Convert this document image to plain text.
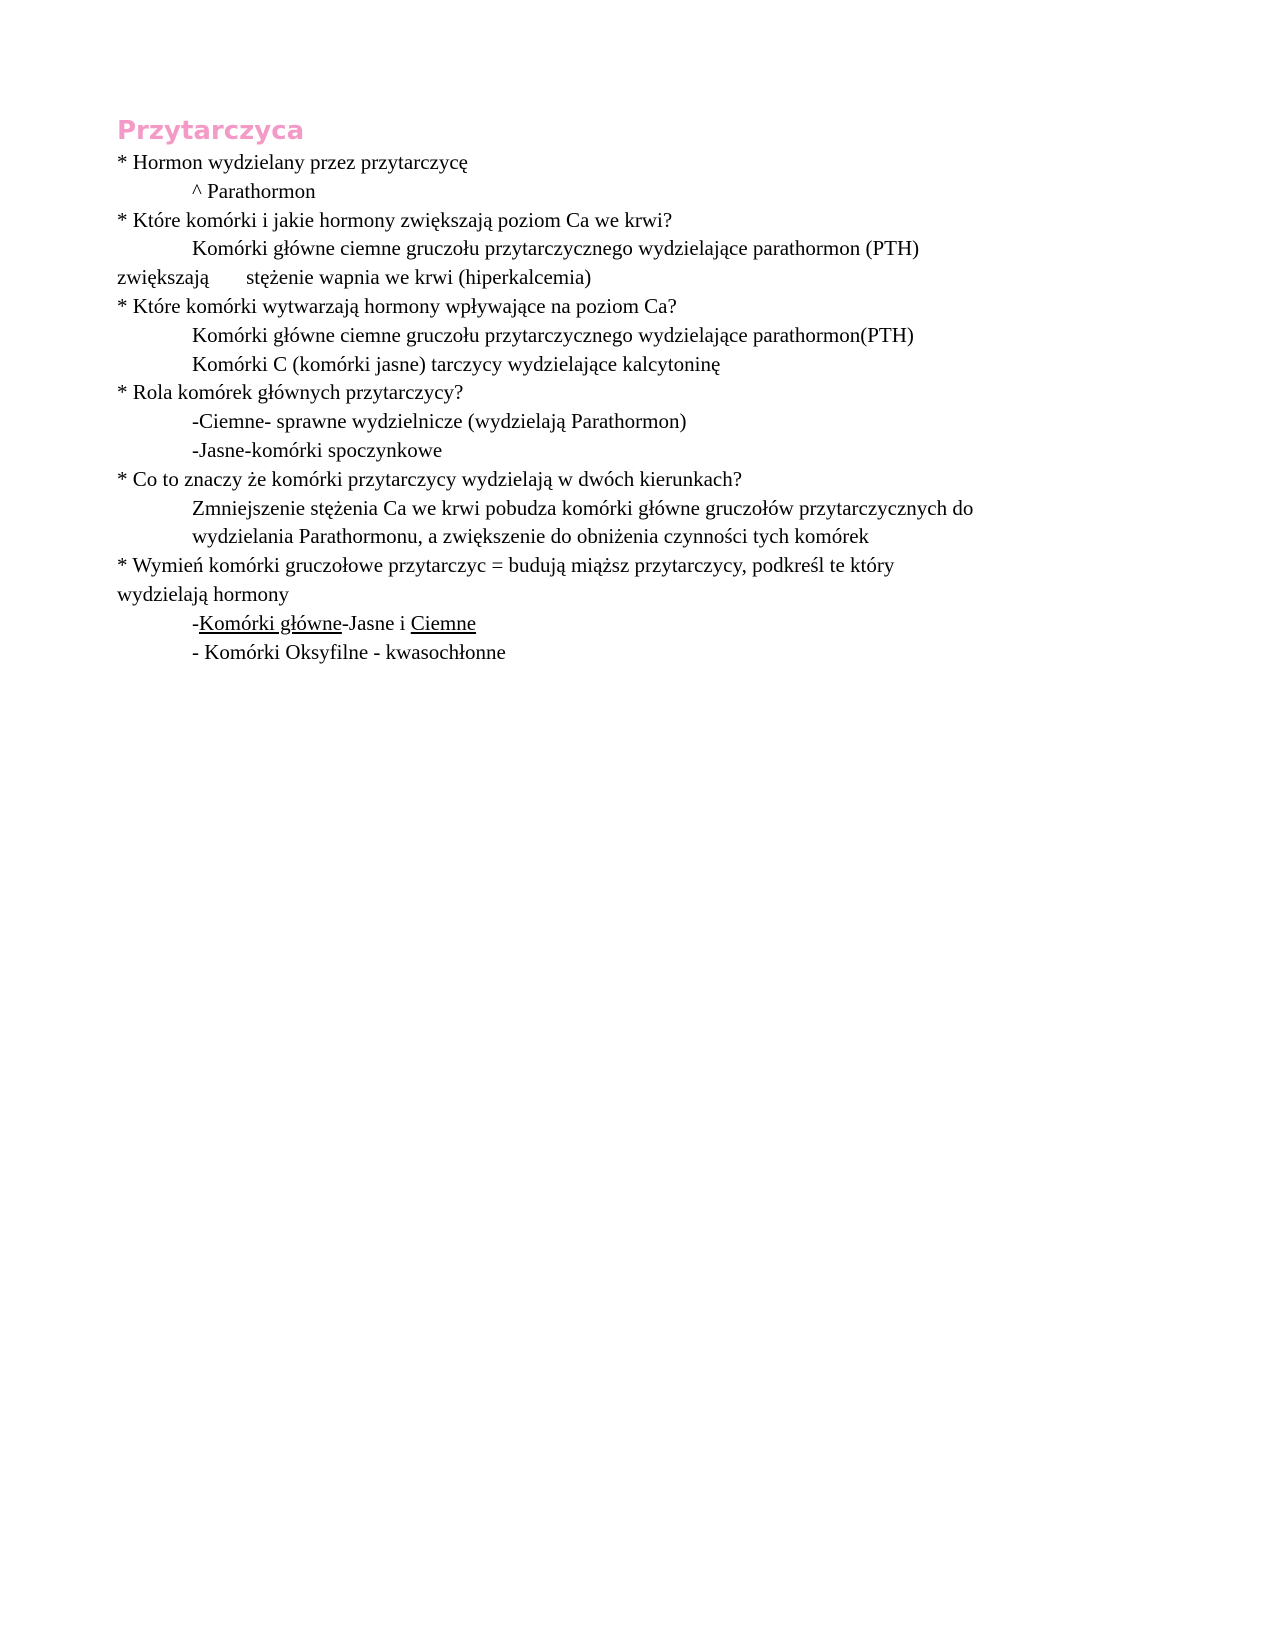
Przytarczyca
* Hormon wydzielany przez przytarczycę
^ Parathormon
* Które komórki i jakie hormony zwiększają poziom Ca we krwi?
Komórki główne ciemne gruczołu przytarczycznego wydzielające parathormon (PTH)
zwiększają stężenie wapnia we krwi (hiperkalcemia)
* Które komórki wytwarzają hormony wpływające na poziom Ca?
Komórki główne ciemne gruczołu przytarczycznego wydzielające parathormon(PTH)
Komórki C (komórki jasne) tarczycy wydzielające kalcytoninę
* Rola komórek głównych przytarczycy?
-Ciemne- sprawne wydzielnicze (wydzielają Parathormon)
-Jasne-komórki spoczynkowe
* Co to znaczy że komórki przytarczycy wydzielają w dwóch kierunkach?
Zmniejszenie stężenia Ca we krwi pobudza komórki główne gruczołów przytarczycznych do
wydzielania Parathormonu, a zwiększenie do obniżenia czynności tych komórek
* Wymień komórki gruczołowe przytarczyc = budują miąższ przytarczycy, podkreśl te który
wydzielają hormony
-Komórki główne-Jasne i Ciemne
- Komórki Oksyfilne - kwasochłonne
